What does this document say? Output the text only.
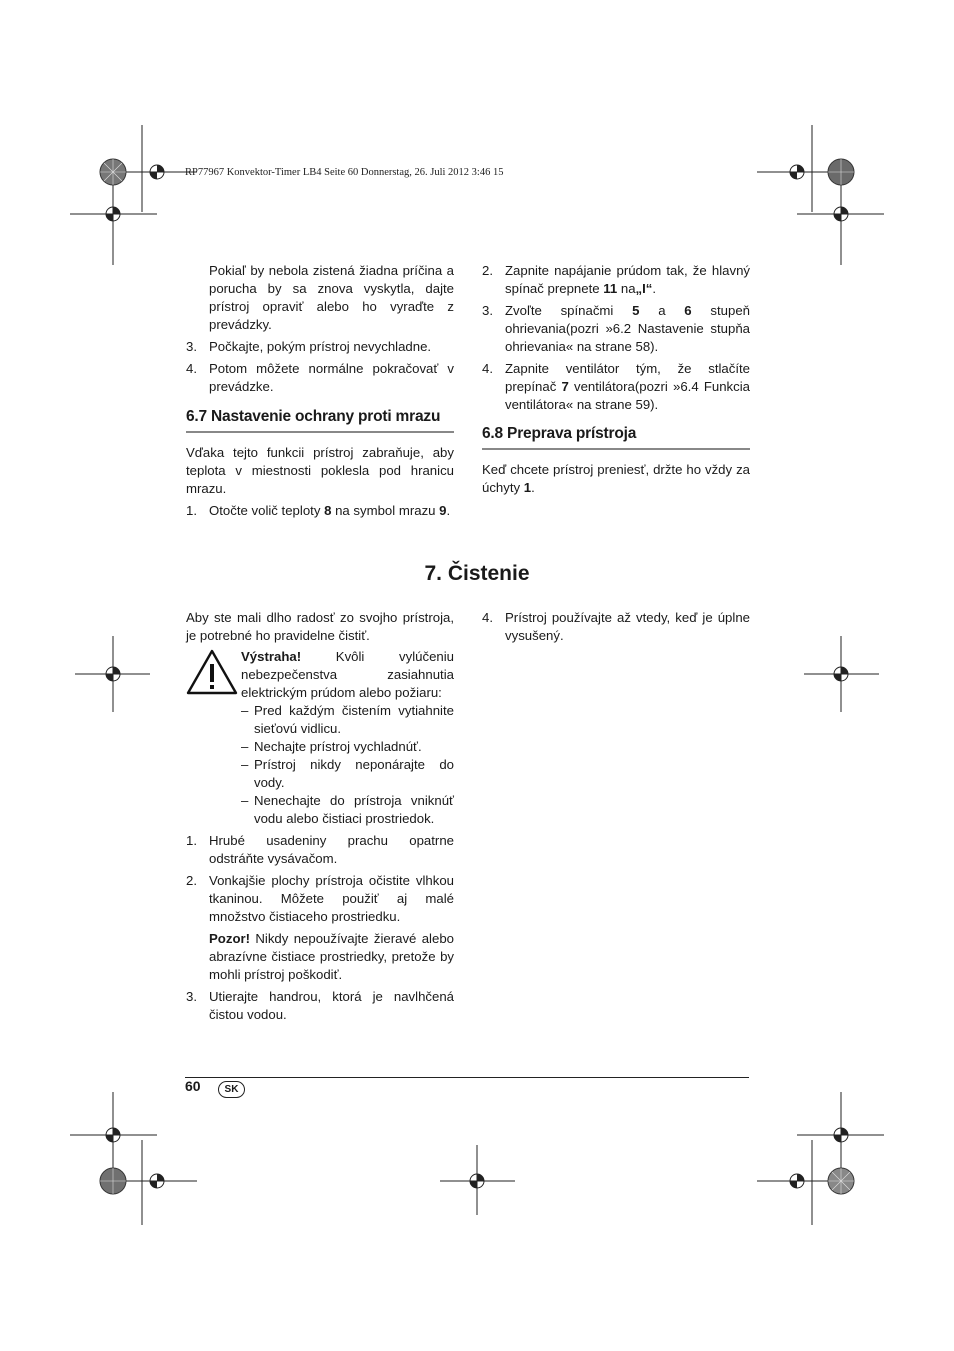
RP77967 Konvektor-Timer LB4 Seite 60 Donnerstag, 26. Juli 2012 3:46 15

Pokiaľ by nebola zistená žiadna príčina a porucha by sa znova vyskytla, dajte prístroj opraviť alebo ho vyraďte z prevádzky.

3. Počkajte, pokým prístroj nevychladne.
4. Potom môžete normálne pokračovať v prevádzke.
6.7 Nastavenie ochrany proti mrazu

Vďaka tejto funkcii prístroj zabraňuje, aby teplota v miestnosti poklesla pod hranicu mrazu.

1. Otočte volič teploty 8 na symbol mrazu 9.
2. Zapnite napájanie prúdom tak, že hlavný spínač prepnete 11 na„I“.
3. Zvoľte spínačmi 5 a 6 stupeň ohrievania(pozri »6.2 Nastavenie stupňa ohrievania« na strane 58).
4. Zapnite ventilátor tým, že stlačíte prepínač 7 ventilátora(pozri »6.4 Funkcia ventilátora« na strane 59).
6.8 Preprava prístroja

Keď chcete prístroj preniesť, držte ho vždy za úchyty 1.

7. Čistenie

Aby ste mali dlho radosť zo svojho prístroja, je potrebné ho pravidelne čistiť.

Výstraha! Kvôli vylúčeniu nebezpečenstva zasiahnutia elektrickým prúdom alebo požiaru:

– Pred každým čistením vytiahnite sieťovú vidlicu.
– Nechajte prístroj vychladnúť.
– Prístroj nikdy neponárajte do vody.
– Nenechajte do prístroja vniknúť vodu alebo čistiaci prostriedok.
1. Hrubé usadeniny prachu opatrne odstráňte vysávačom.
2. Vonkajšie plochy prístroja očistite vlhkou tkaninou. Môžete použiť aj malé množstvo čistiaceho prostriedku.

Pozor! Nikdy nepoužívajte žieravé alebo abrazívne čistiace prostriedky, pretože by mohli prístroj poškodiť.

3. Utierajte handrou, ktorá je navlhčená čistou vodou.
4. Prístroj používajte až vtedy, keď je úplne vysušený.
60	SK
